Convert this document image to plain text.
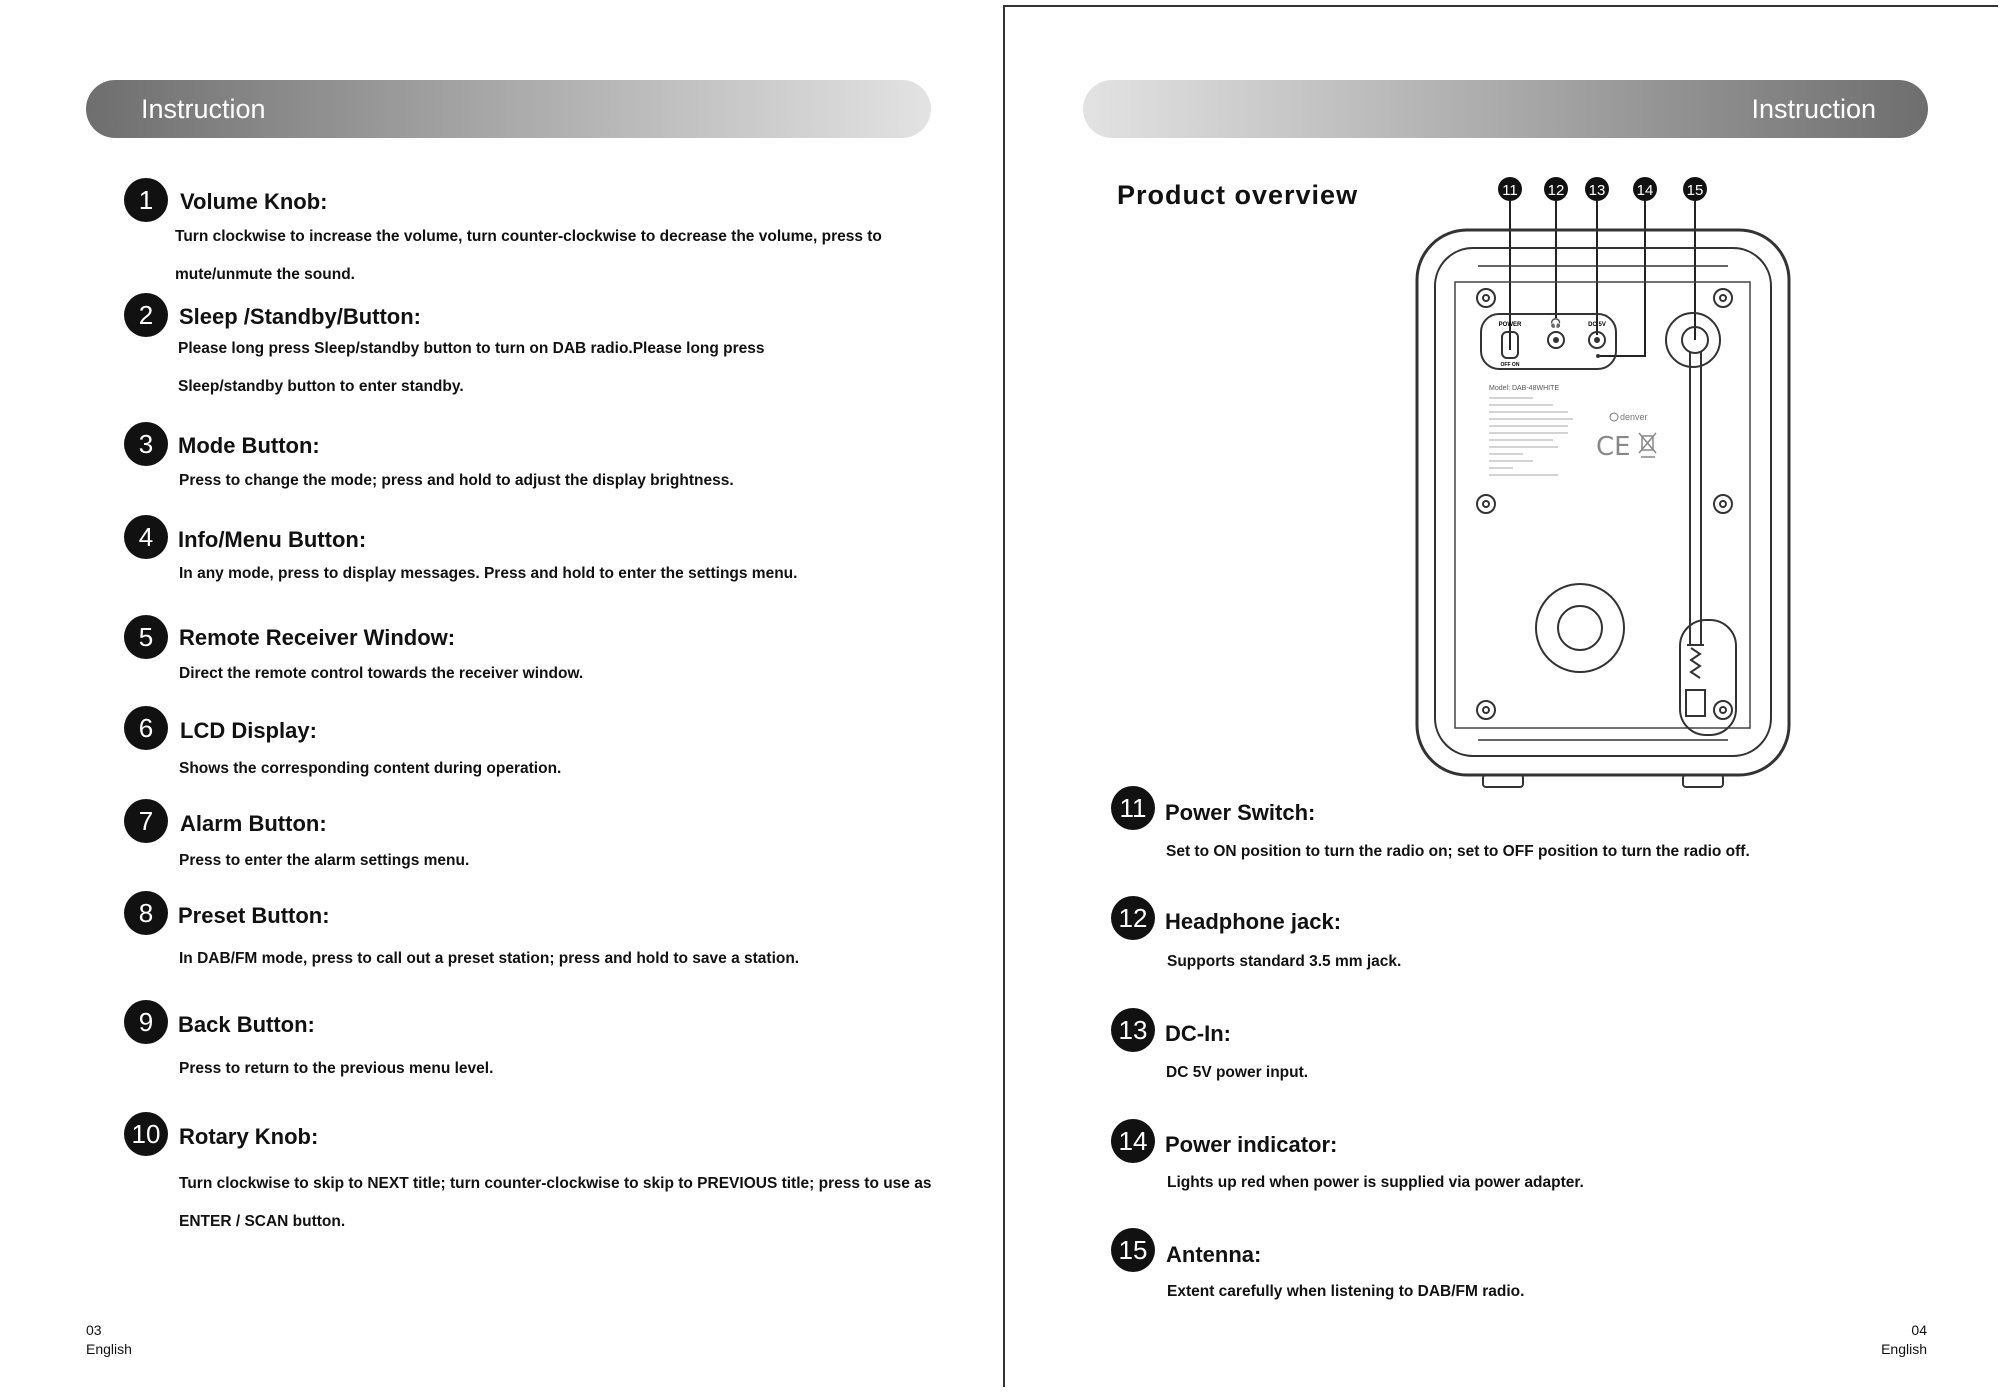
Instruction
1	Volume Knob:
Turn clockwise to increase the volume, turn counter-clockwise to decrease the volume, press to mute/unmute the sound.
2	Sleep /Standby/Button:
Please long press Sleep/standby button to turn on DAB radio.Please long press Sleep/standby button to enter standby.
3	Mode Button:
Press to change the mode; press and hold to adjust the display brightness.
4	Info/Menu Button:
In any mode, press to display messages. Press and hold to enter the settings menu.
5	Remote Receiver Window:
Direct the remote control towards the receiver window.
6	LCD Display:
Shows the corresponding content during operation.
7	Alarm Button:
Press to enter the alarm settings menu.
8	Preset Button:
In DAB/FM mode, press to call out a preset station; press and hold to save a station.
9	Back Button:
Press to return to the previous menu level.
10 Rotary Knob:
Turn clockwise to skip to NEXT title; turn counter-clockwise to skip to PREVIOUS title; press to use as ENTER / SCAN button.
03
English
Instruction
Product overview	11 12 13 14 15
POWER
OFF ON
🎧	DC 5V
Model: DAB-48WHITE
denver
CE
11 Power Switch:
Set to ON position to turn the radio on; set to OFF position to turn the radio off.
12 Headphone jack:
Supports standard 3.5 mm jack.
13 DC-In:
DC 5V power input.
14 Power indicator:
Lights up red when power is supplied via power adapter.
15 Antenna:
Extent carefully when listening to DAB/FM radio.
04
English
